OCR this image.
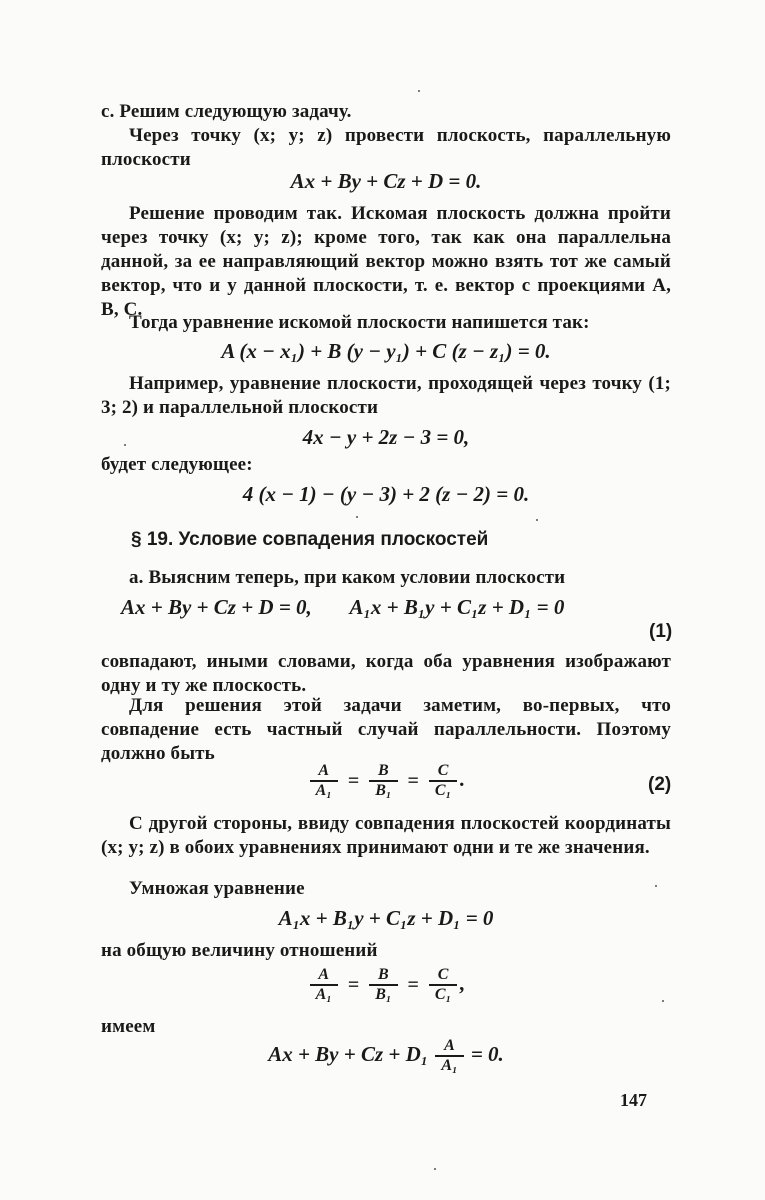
с. Решим следующую задачу.
Через точку (x; y; z) провести плоскость, параллельную плоскости
Ax + By + Cz + D = 0.
Решение проводим так. Искомая плоскость должна пройти через точку (x; y; z); кроме того, так как она параллельна данной, за ее направляющий вектор можно взять тот же самый вектор, что и у данной плоскости, т. е. вектор с проекциями A, B, C.
Тогда уравнение искомой плоскости напишется так:
A (x − x₁) + B (y − y₁) + C (z − z₁) = 0.
Например, уравнение плоскости, проходящей через точку (1; 3; 2) и параллельной плоскости
4x − y + 2z − 3 = 0,
будет следующее:
4 (x − 1) − (y − 3) + 2 (z − 2) = 0.
§ 19. Условие совпадения плоскостей
а. Выясним теперь, при каком условии плоскости
Ax + By + Cz + D = 0, A₁x + B₁y + C₁z + D₁ = 0
(1)
совпадают, иными словами, когда оба уравнения изображают одну и ту же плоскость.
Для решения этой задачи заметим, во-первых, что совпадение есть частный случай параллельности. Поэтому должно быть
$\frac{A}{\text{A₁}} = \frac{B}{\text{B₁}} = \frac{C}{\text{C₁}}$ .	(2)
С другой стороны, ввиду совпадения плоскостей координаты (x; y; z) в обоих уравнениях принимают одни и те же значения.
Умножая уравнение
A₁x + B₁y + C₁z + D₁ = 0
на общую величину отношений
$\frac{A}{\text{A₁}} = \frac{B}{\text{B₁}} = \frac{C}{\text{C₁}}$ ,
имеем
$Ax + By + Cz + D_1 \frac{A}{\text{A₁}} = 0$.
147
